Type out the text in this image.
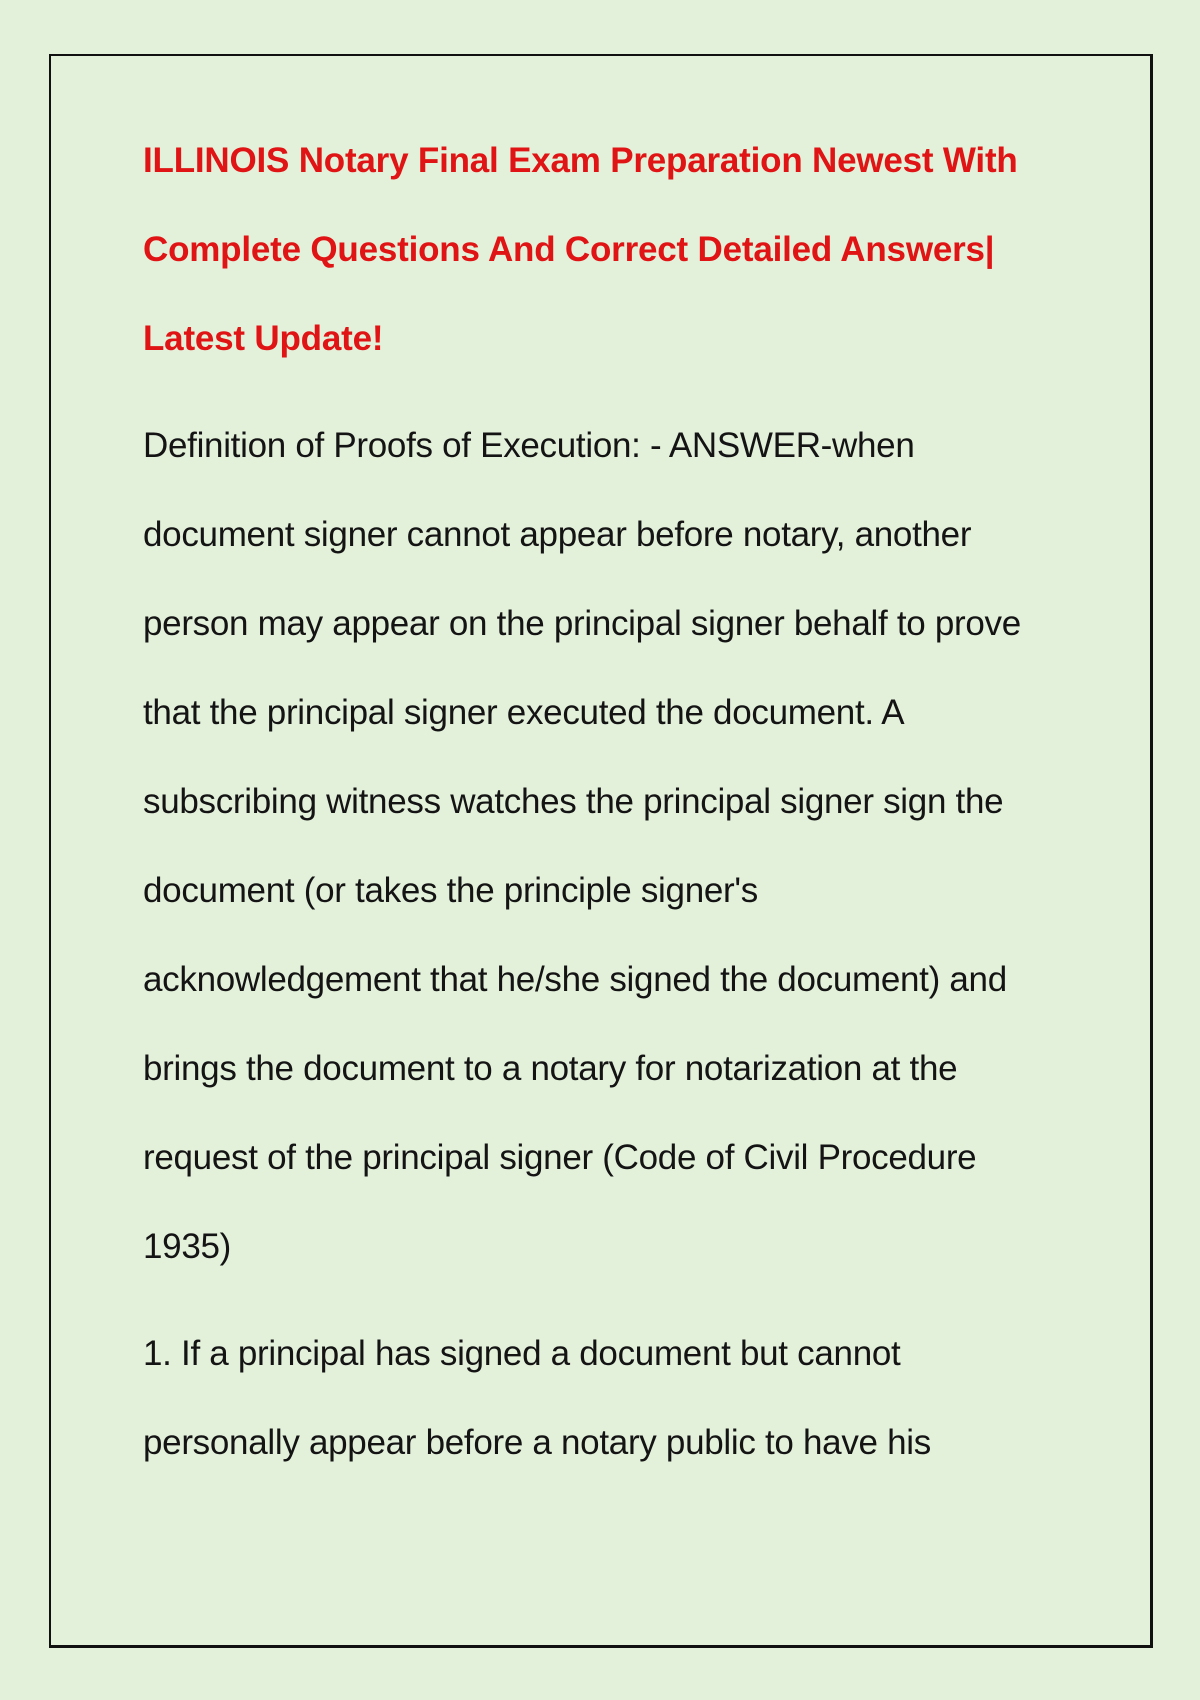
ILLINOIS Notary Final Exam Preparation Newest With
Complete Questions And Correct Detailed Answers|
Latest Update!

Definition of Proofs of Execution: - ANSWER-when
document signer cannot appear before notary, another
person may appear on the principal signer behalf to prove
that the principal signer executed the document. A
subscribing witness watches the principal signer sign the
document (or takes the principle signer's
acknowledgement that he/she signed the document) and
brings the document to a notary for notarization at the
request of the principal signer (Code of Civil Procedure
1935)

1. If a principal has signed a document but cannot
personally appear before a notary public to have his
